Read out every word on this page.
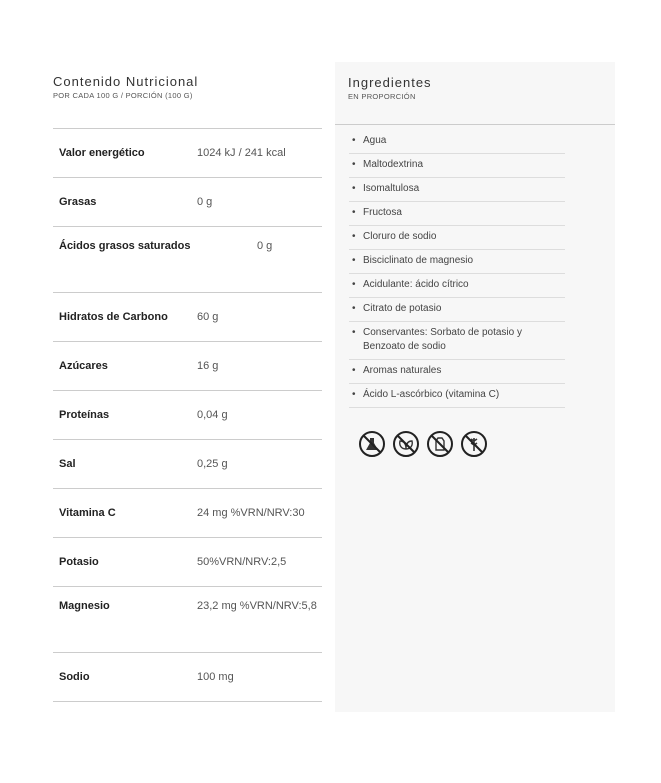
Contenido Nutricional
POR CADA 100 G / PORCIÓN (100 G)
Valor energético	1024 kJ / 241 kcal
Grasas	0 g
Ácidos grasos saturados	0 g
Hidratos de Carbono	60 g
Azúcares	16 g
Proteínas	0,04 g
Sal	0,25 g
Vitamina C	24 mg %VRN/NRV:30
Potasio	50%VRN/NRV:2,5
Magnesio	23,2 mg %VRN/NRV:5,8
Sodio	100 mg
Ingredientes
EN PROPORCIÓN
• Agua
• Maltodextrina
• Isomaltulosa
• Fructosa
• Cloruro de sodio
• Bisciclinato de magnesio
• Acidulante: ácido cítrico
• Citrato de potasio
• Conservantes: Sorbato de potasio y Benzoato de sodio
• Aromas naturales
• Ácido L-ascórbico (vitamina C)
